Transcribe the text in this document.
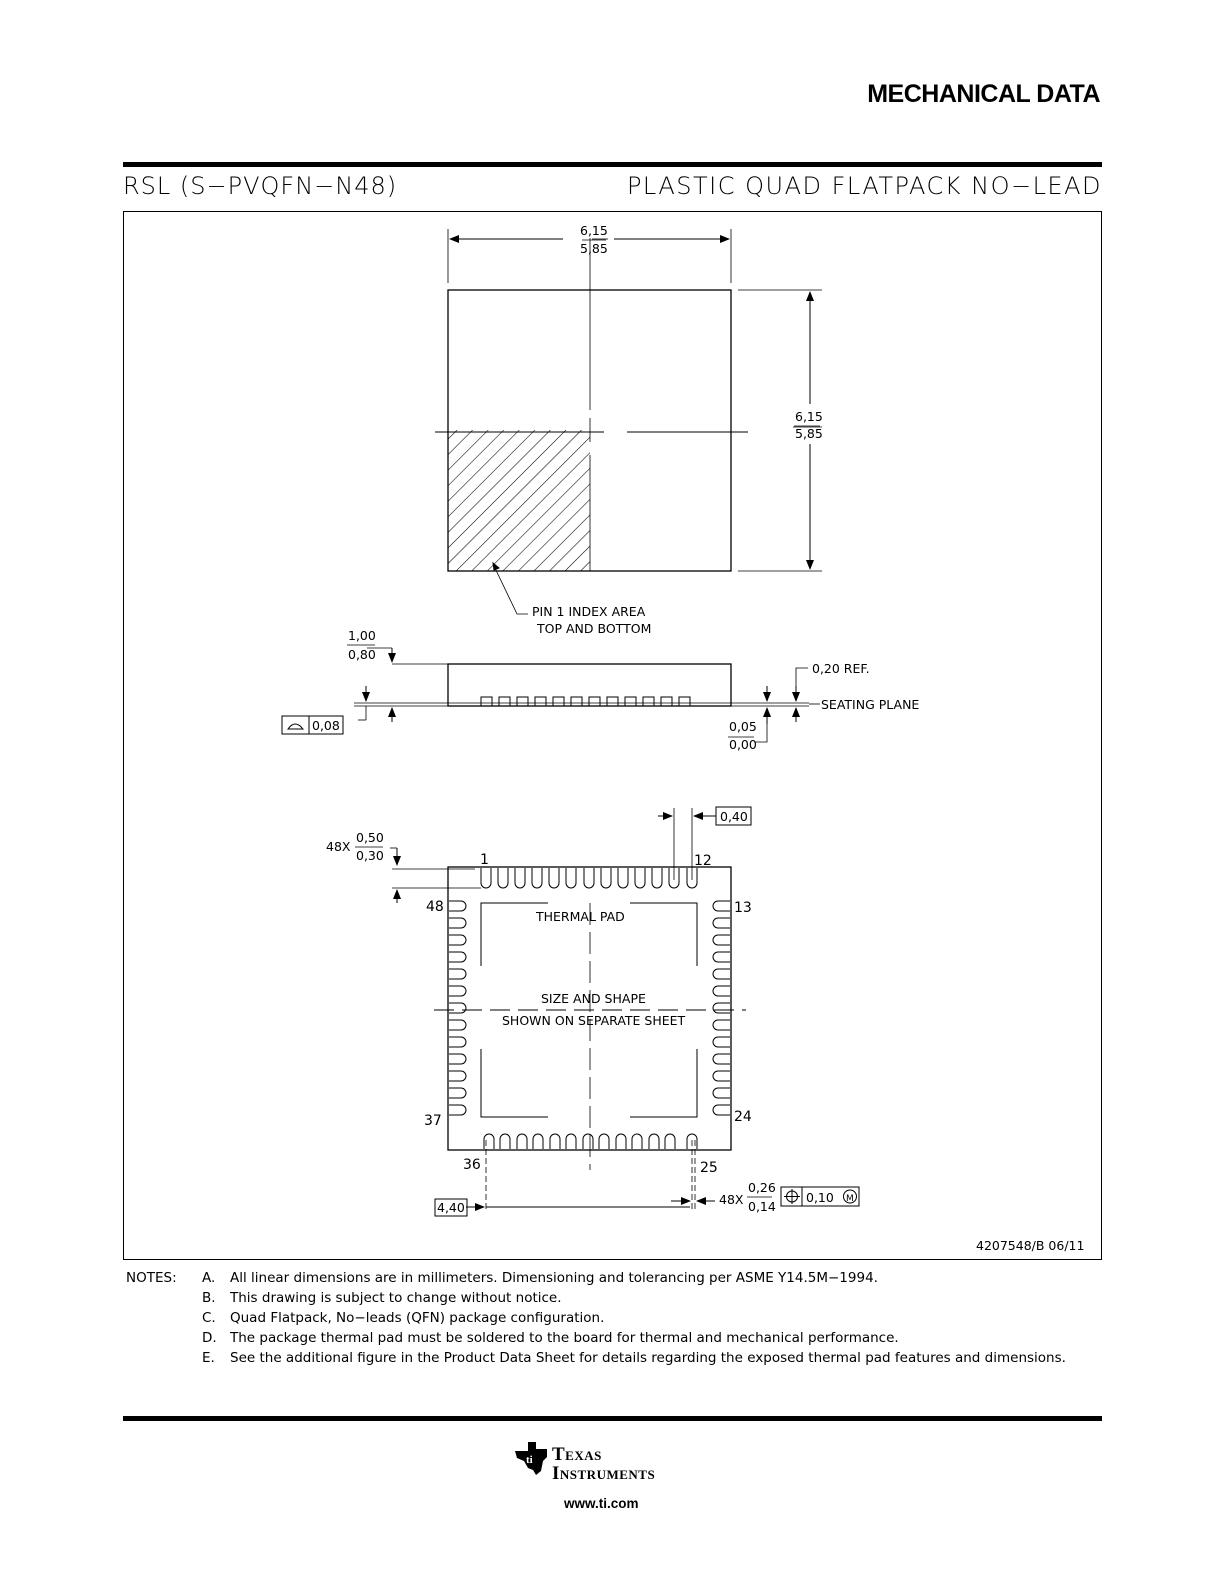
MECHANICAL DATA
RSL (S−PVQFN−N48)	PLASTIC QUAD FLATPACK NO−LEAD
6,15
5,85
6,15
5,85
PIN 1 INDEX AREA
TOP AND BOTTOM
1,00
0,80
0,08
0,20 REF.
SEATING PLANE
0,05
0,00
0,40
48X
0,50
0,30	1	12
48	13
37	24
36	25
THERMAL PAD
SIZE AND SHAPE
SHOWN ON SEPARATE SHEET
4,40
48X
0,26
0,14
0,10 M
4207548/B 06/11
NOTES: A. All linear dimensions are in millimeters. Dimensioning and tolerancing per ASME Y14.5M−1994.
B. This drawing is subject to change without notice.
C. Quad Flatpack, No−leads (QFN) package configuration.
D. The package thermal pad must be soldered to the board for thermal and mechanical performance.
E. See the additional figure in the Product Data Sheet for details regarding the exposed thermal pad features and dimensions.
ti Texas
Instruments
www.ti.com
